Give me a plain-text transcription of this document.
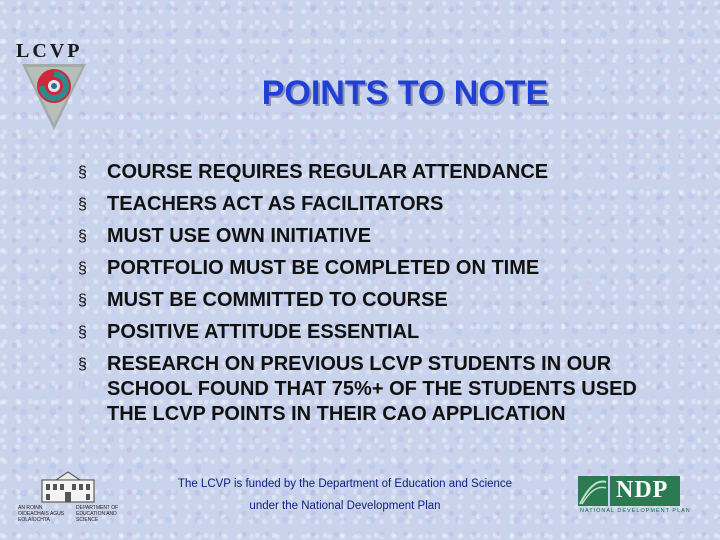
LCVP
POINTS TO NOTE
§	COURSE REQUIRES REGULAR ATTENDANCE
§	TEACHERS ACT AS FACILITATORS
§	MUST USE OWN INITIATIVE
§	PORTFOLIO MUST BE COMPLETED ON TIME
§	MUST BE COMMITTED TO COURSE
§	POSITIVE ATTITUDE ESSENTIAL
§	RESEARCH ON PREVIOUS LCVP STUDENTS IN OUR SCHOOL FOUND THAT 75%+ OF THE STUDENTS USED THE LCVP POINTS IN THEIR CAO APPLICATION
AN ROINN OIDEACHAIS AGUS EOLAÍOCHTA
DEPARTMENT OF EDUCATION AND SCIENCE
The LCVP is funded by the Department of Education and Science
under the National Development Plan
NDP
NATIONAL DEVELOPMENT PLAN
